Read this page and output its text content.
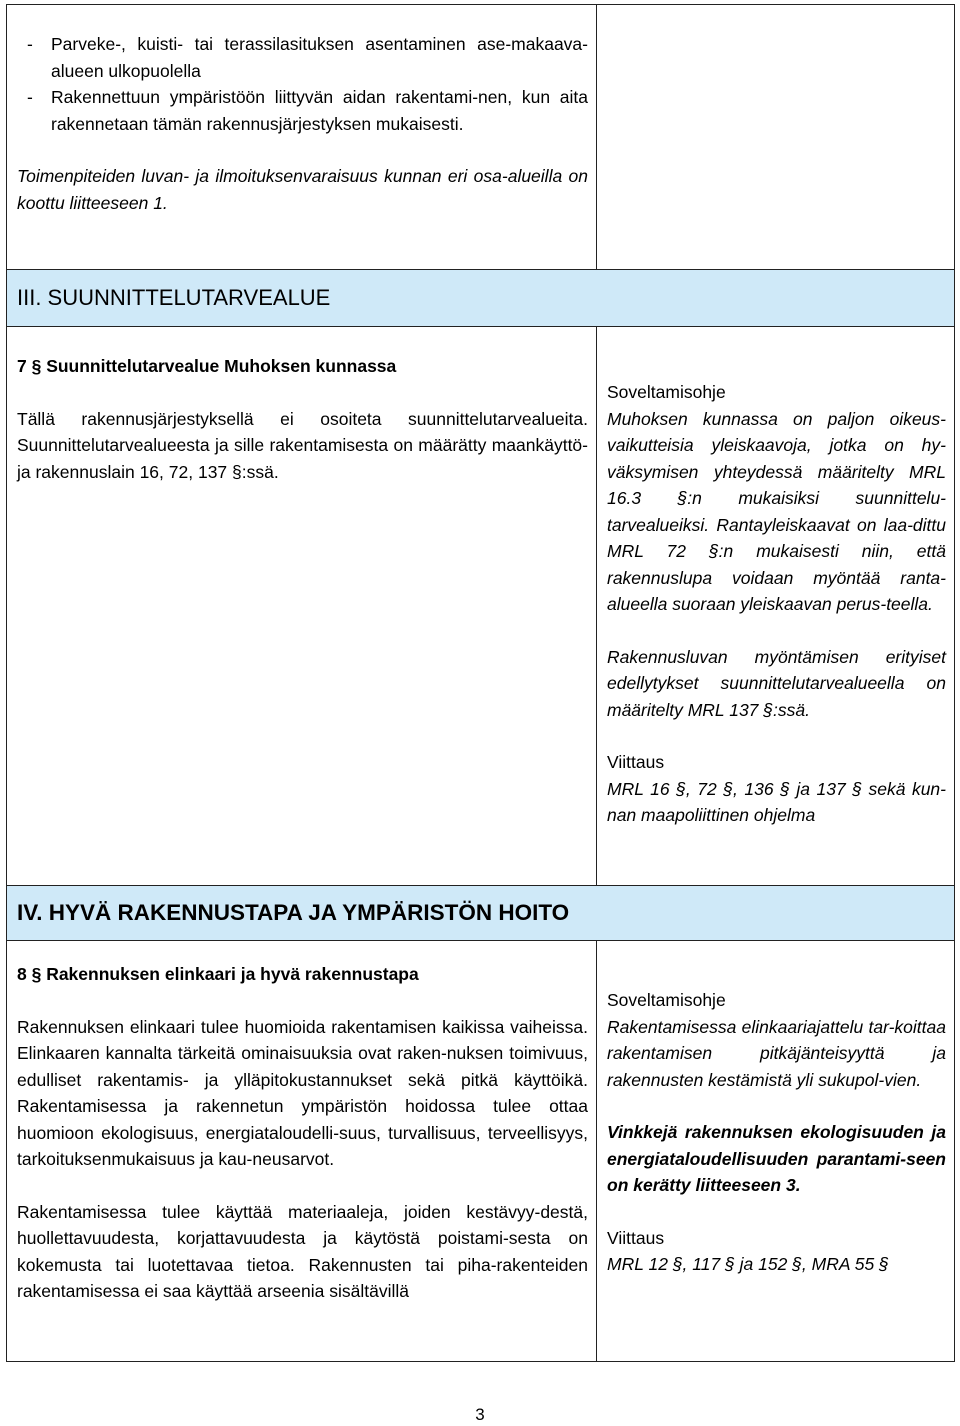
-	Parveke-, kuisti- tai terassilasituksen asentaminen ase-makaava-alueen ulkopuolella
-	Rakennettuun ympäristöön liittyvän aidan rakentami-nen, kun aita rakennetaan tämän rakennusjärjestyksen mukaisesti.
Toimenpiteiden luvan- ja ilmoituksenvaraisuus kunnan eri osa-alueilla on koottu liitteeseen 1.
III. SUUNNITTELUTARVEALUE
7 § Suunnittelutarvealue Muhoksen kunnassa
Tällä rakennusjärjestyksellä ei osoiteta suunnittelutarvealueita. Suunnittelutarvealueesta ja sille rakentamisesta on määrätty maankäyttö- ja rakennuslain 16, 72, 137 §:ssä.
Soveltamisohje
Muhoksen kunnassa on paljon oikeus-vaikutteisia yleiskaavoja, jotka on hy-väksymisen yhteydessä määritelty MRL 16.3 §:n mukaisiksi suunnittelu-tarvealueiksi. Rantayleiskaavat on laa-dittu MRL 72 §:n mukaisesti niin, että rakennuslupa voidaan myöntää ranta-alueella suoraan yleiskaavan perus-teella.
Rakennusluvan myöntämisen erityiset edellytykset suunnittelutarvealueella on määritelty MRL 137 §:ssä.
Viittaus
MRL 16 §, 72 §, 136 § ja 137 § sekä kun-nan maapoliittinen ohjelma
IV. HYVÄ RAKENNUSTAPA JA YMPÄRISTÖN HOITO
8 § Rakennuksen elinkaari ja hyvä rakennustapa
Rakennuksen elinkaari tulee huomioida rakentamisen kaikissa vaiheissa. Elinkaaren kannalta tärkeitä ominaisuuksia ovat raken-nuksen toimivuus, edulliset rakentamis- ja ylläpitokustannukset sekä pitkä käyttöikä. Rakentamisessa ja rakennetun ympäristön hoidossa tulee ottaa huomioon ekologisuus, energiataloudelli-suus, turvallisuus, terveellisyys, tarkoituksenmukaisuus ja kau-neusarvot.
Rakentamisessa tulee käyttää materiaaleja, joiden kestävyy-destä, huollettavuudesta, korjattavuudesta ja käytöstä poistami-sesta on kokemusta tai luotettavaa tietoa. Rakennusten tai piha-rakenteiden rakentamisessa ei saa käyttää arseenia sisältävillä
Soveltamisohje
Rakentamisessa elinkaariajattelu tar-koittaa rakentamisen pitkäjänteisyyttä ja rakennusten kestämistä yli sukupol-vien.
Vinkkejä rakennuksen ekologisuuden ja energiataloudellisuuden parantami-seen on kerätty liitteeseen 3.
Viittaus
MRL 12 §, 117 § ja 152 §, MRA 55 §
3
